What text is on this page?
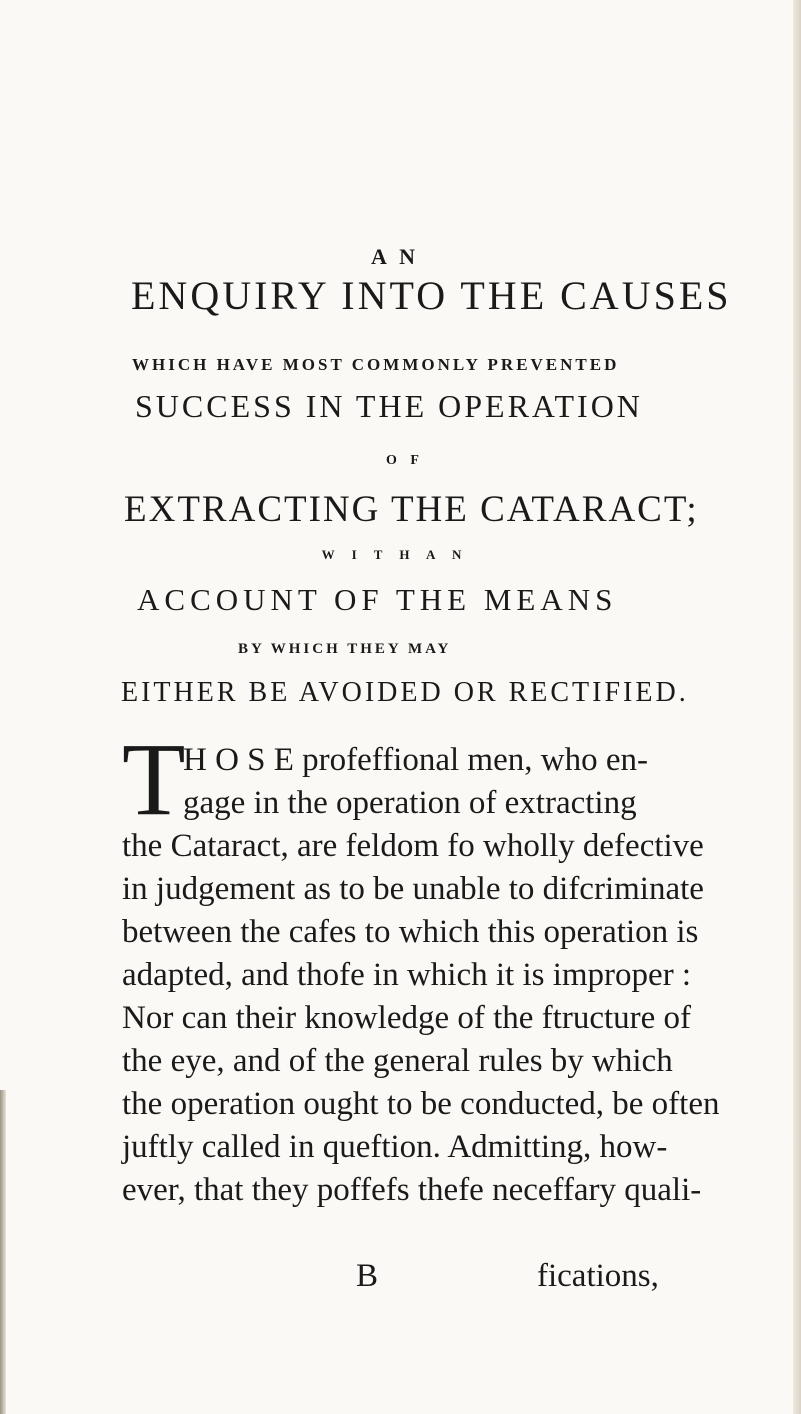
A N

ENQUIRY INTO THE CAUSES

WHICH HAVE MOST COMMONLY PREVENTED

SUCCESS IN THE OPERATION

O F

EXTRACTING THE CATARACT;

W I T H A N

ACCOUNT OF THE MEANS

BY WHICH THEY MAY

EITHER BE AVOIDED OR RECTIFIED.

T

H O S E profeffional men, who en-

gage in the operation of extracting

the Cataract, are feldom fo wholly defective

in judgement as to be unable to difcriminate

between the cafes to which this operation is

adapted, and thofe in which it is improper :

Nor can their knowledge of the ftructure of

the eye, and of the general rules by which

the operation ought to be conducted, be often

juftly called in queftion. Admitting, how-

ever, that they poffefs thefe neceffary quali-

B	fications,
